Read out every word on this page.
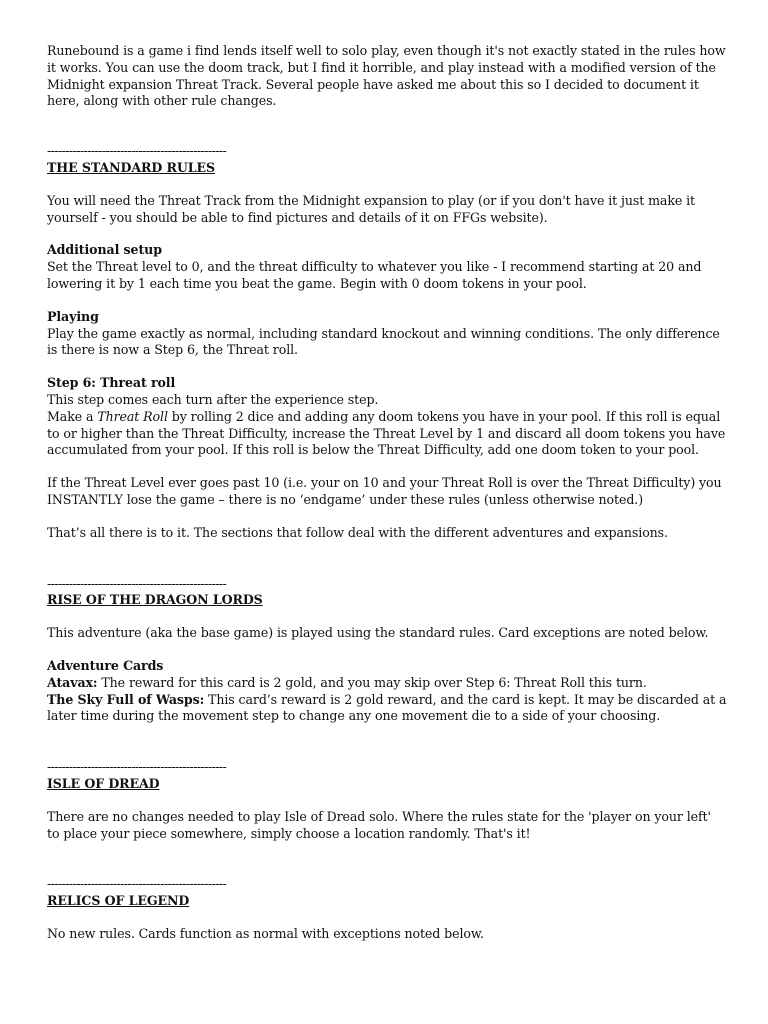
Runebound is a game i find lends itself well to solo play, even though it's not exactly stated in the rules how it works. You can use the doom track, but I find it horrible, and play instead with a modified version of the Midnight expansion Threat Track. Several people have asked me about this so I decided to document it here, along with other rule changes.

-------------------------------------------------

THE STANDARD RULES

You will need the Threat Track from the Midnight expansion to play (or if you don't have it just make it yourself - you should be able to find pictures and details of it on FFGs website).

Additional setup

Set the Threat level to 0, and the threat difficulty to whatever you like - I recommend starting at 20 and lowering it by 1 each time you beat the game. Begin with 0 doom tokens in your pool.

Playing

Play the game exactly as normal, including standard knockout and winning conditions. The only difference is there is now a Step 6, the Threat roll.

Step 6: Threat roll

This step comes each turn after the experience step.

Make a Threat Roll by rolling 2 dice and adding any doom tokens you have in your pool. If this roll is equal to or higher than the Threat Difficulty, increase the Threat Level by 1 and discard all doom tokens you have accumulated from your pool. If this roll is below the Threat Difficulty, add one doom token to your pool.

If the Threat Level ever goes past 10 (i.e. your on 10 and your Threat Roll is over the Threat Difficulty) you INSTANTLY lose the game – there is no ‘endgame’ under these rules (unless otherwise noted.)

That’s all there is to it. The sections that follow deal with the different adventures and expansions.

-------------------------------------------------

RISE OF THE DRAGON LORDS

This adventure (aka the base game) is played using the standard rules. Card exceptions are noted below.

Adventure Cards

Atavax: The reward for this card is 2 gold, and you may skip over Step 6: Threat Roll this turn.

The Sky Full of Wasps: This card’s reward is 2 gold reward, and the card is kept. It may be discarded at a later time during the movement step to change any one movement die to a side of your choosing.

-------------------------------------------------

ISLE OF DREAD

There are no changes needed to play Isle of Dread solo. Where the rules state for the 'player on your left' to place your piece somewhere, simply choose a location randomly. That's it!

-------------------------------------------------

RELICS OF LEGEND

No new rules. Cards function as normal with exceptions noted below.
